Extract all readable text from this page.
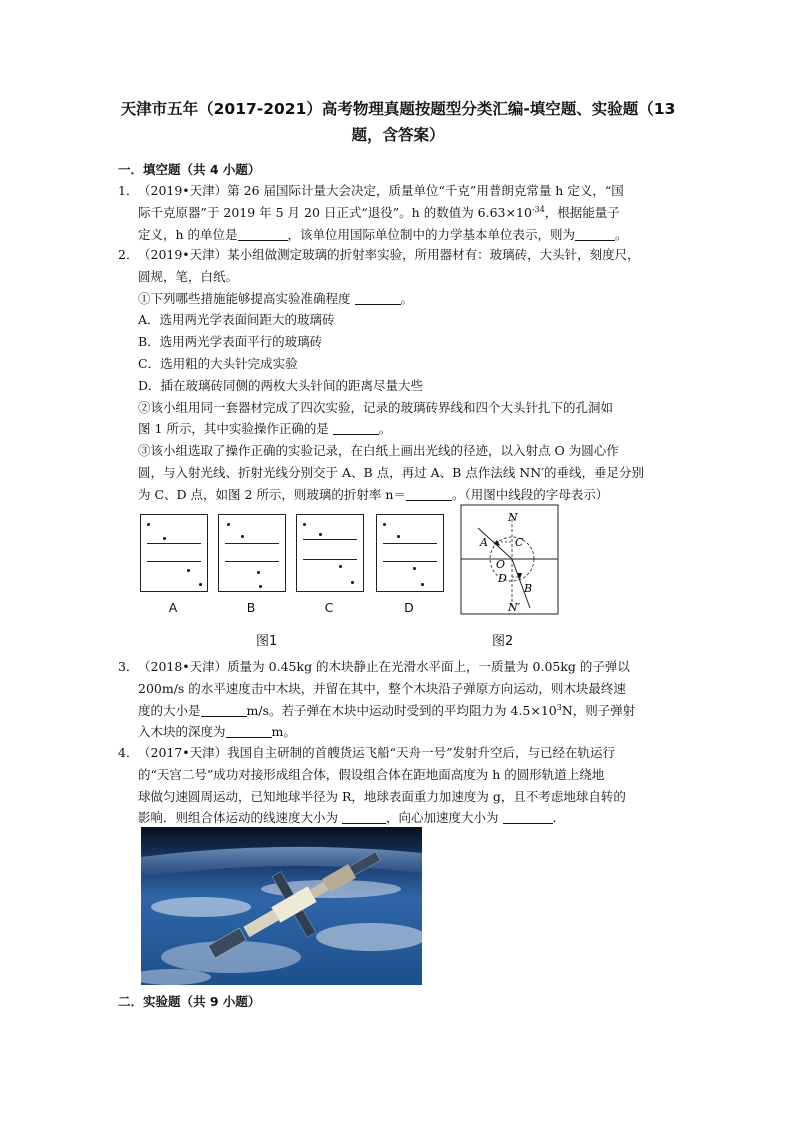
天津市五年（2017-2021）高考物理真题按题型分类汇编-填空题、实验题（13题，含答案）
一．填空题（共 4 小题）

1．（2019•天津）第 26 届国际计量大会决定，质量单位“千克”用普朗克常量 h 定义，“国

际千克原器”于 2019 年 5 月 20 日正式“退役”。h 的数值为 $6.63\times 10^{-34}$，根据能量子

定义，h 的单位是	，该单位用国际单位制中的力学基本单位表示，则为	。

2．（2019•天津）某小组做测定玻璃的折射率实验，所用器材有：玻璃砖，大头针，刻度尺，

圆规，笔，白纸。

①下列哪些措施能够提高实验准确程度	。

A．选用两光学表面间距大的玻璃砖

B．选用两光学表面平行的玻璃砖

C．选用粗的大头针完成实验

D．插在玻璃砖同侧的两枚大头针间的距离尽量大些

②该小组用同一套器材完成了四次实验，记录的玻璃砖界线和四个大头针扎下的孔洞如

图 1 所示，其中实验操作正确的是	。

③该小组选取了操作正确的实验记录，在白纸上画出光线的径迹，以入射点 O 为圆心作

圆，与入射光线、折射光线分别交于 A、B 点，再过 A、B 点作法线 NN′的垂线，垂足分别

为 C、D 点，如图 2 所示，则玻璃的折射率 n＝	。（用图中线段的字母表示）

A	B	C	D
N
A C
O
D
B
N′
图1	图2

3．（2018•天津）质量为 0.45kg 的木块静止在光滑水平面上，一质量为 0.05kg 的子弹以

200m/s 的水平速度击中木块，并留在其中，整个木块沿子弹原方向运动，则木块最终速

度的大小是	m/s。若子弹在木块中运动时受到的平均阻力为 $4.5\times 10^3N$，则子弹射

入木块的深度为	m。

4．（2017•天津）我国自主研制的首艘货运飞船“天舟一号”发射升空后，与已经在轨运行

的“天宫二号”成功对接形成组合体，假设组合体在距地面高度为 h 的圆形轨道上绕地

球做匀速圆周运动，已知地球半径为 R，地球表面重力加速度为 g，且不考虑地球自转的

影响．则组合体运动的线速度大小为	，向心加速度大小为	．

二．实验题（共 9 小题）
